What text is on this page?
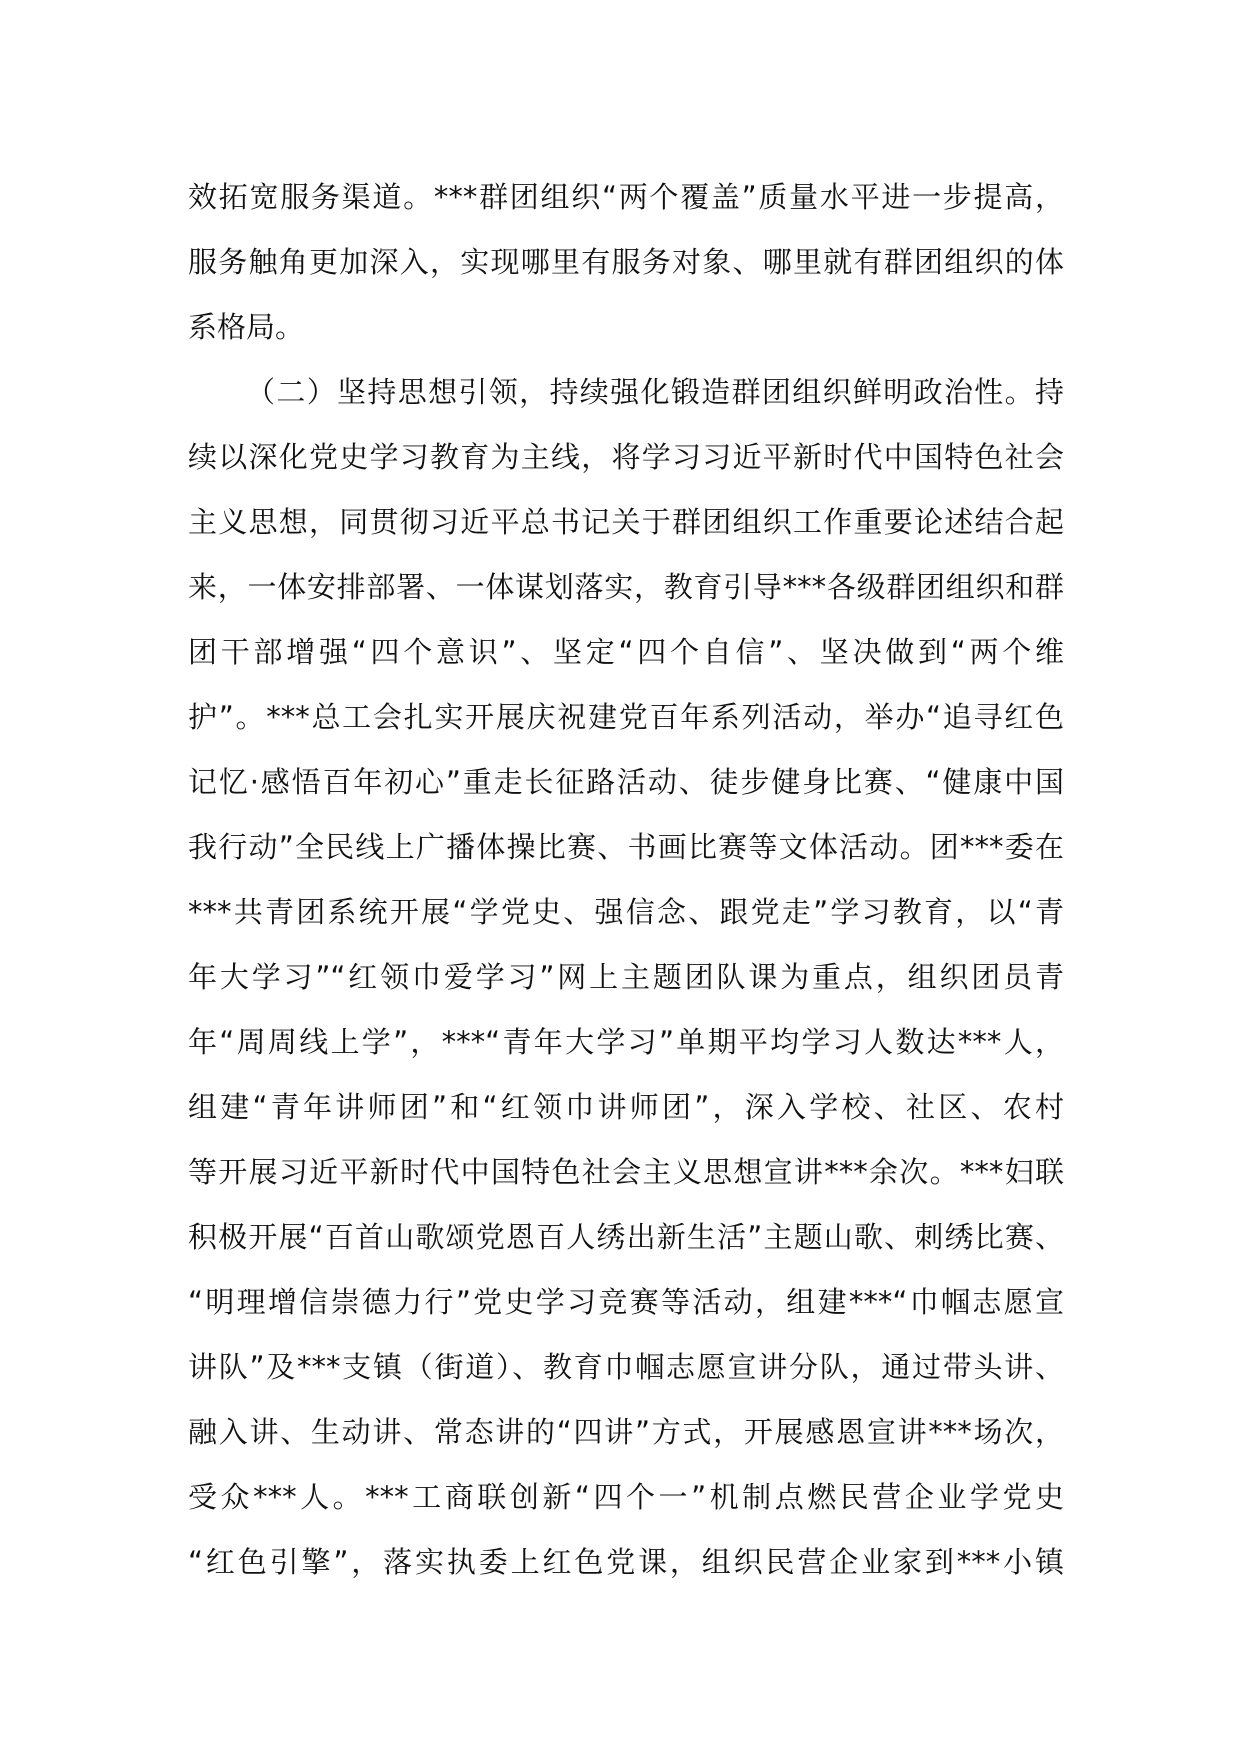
效拓宽服务渠道。***群团组织“两个覆盖”质量水平进一步提高，
服务触角更加深入，实现哪里有服务对象、哪里就有群团组织的体
系格局。
（二）坚持思想引领，持续强化锻造群团组织鲜明政治性。持
续以深化党史学习教育为主线，将学习习近平新时代中国特色社会
主义思想，同贯彻习近平总书记关于群团组织工作重要论述结合起
来，一体安排部署、一体谋划落实，教育引导***各级群团组织和群
团干部增强“四个意识”、坚定“四个自信”、坚决做到“两个维
护”。***总工会扎实开展庆祝建党百年系列活动，举办“追寻红色
记忆·感悟百年初心”重走长征路活动、徒步健身比赛、“健康中国
我行动”全民线上广播体操比赛、书画比赛等文体活动。团***委在
***共青团系统开展“学党史、强信念、跟党走”学习教育，以“青
年大学习”“红领巾爱学习”网上主题团队课为重点，组织团员青
年“周周线上学”，***“青年大学习”单期平均学习人数达***人，
组建“青年讲师团”和“红领巾讲师团”，深入学校、社区、农村
等开展习近平新时代中国特色社会主义思想宣讲***余次。***妇联
积极开展“百首山歌颂党恩百人绣出新生活”主题山歌、刺绣比赛、
“明理增信崇德力行”党史学习竞赛等活动，组建***“巾帼志愿宣
讲队”及***支镇（街道）、教育巾帼志愿宣讲分队，通过带头讲、
融入讲、生动讲、常态讲的“四讲”方式，开展感恩宣讲***场次，
受众***人。***工商联创新“四个一”机制点燃民营企业学党史
“红色引擎”，落实执委上红色党课，组织民营企业家到***小镇
